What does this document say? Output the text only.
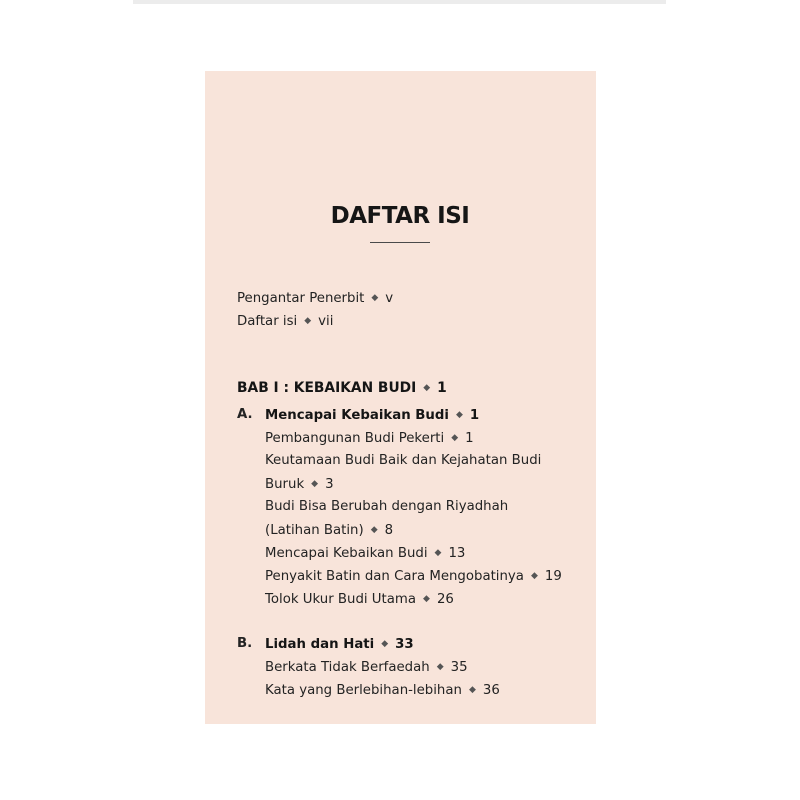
DAFTAR ISI
Pengantar Penerbit ◆ v
Daftar isi ◆ vii
BAB I : KEBAIKAN BUDI ◆ 1
A. Mencapai Kebaikan Budi ◆ 1
Pembangunan Budi Pekerti ◆ 1
Keutamaan Budi Baik dan Kejahatan Budi
Buruk ◆ 3
Budi Bisa Berubah dengan Riyadhah
(Latihan Batin) ◆ 8
Mencapai Kebaikan Budi ◆ 13
Penyakit Batin dan Cara Mengobatinya ◆ 19
Tolok Ukur Budi Utama ◆ 26
B. Lidah dan Hati ◆ 33
Berkata Tidak Berfaedah ◆ 35
Kata yang Berlebihan-lebihan ◆ 36
